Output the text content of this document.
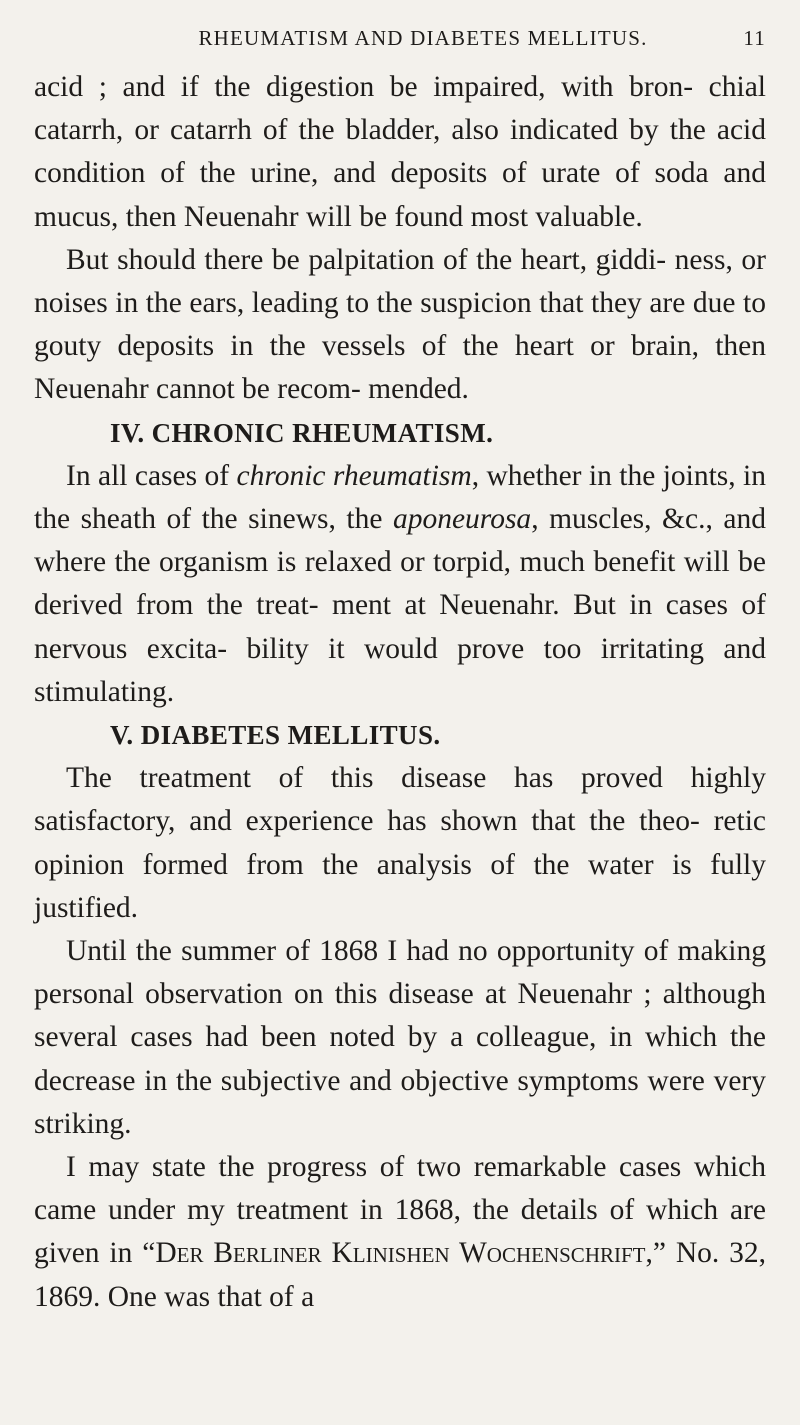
RHEUMATISM AND DIABETES MELLITUS.	11

acid ; and if the digestion be impaired, with bron- chial catarrh, or catarrh of the bladder, also indicated by the acid condition of the urine, and deposits of urate of soda and mucus, then Neuenahr will be found most valuable.

But should there be palpitation of the heart, giddi- ness, or noises in the ears, leading to the suspicion that they are due to gouty deposits in the vessels of the heart or brain, then Neuenahr cannot be recom- mended.

IV. CHRONIC RHEUMATISM.

In all cases of chronic rheumatism, whether in the joints, in the sheath of the sinews, the aponeurosa, muscles, &c., and where the organism is relaxed or torpid, much benefit will be derived from the treat- ment at Neuenahr. But in cases of nervous excita- bility it would prove too irritating and stimulating.

V. DIABETES MELLITUS.

The treatment of this disease has proved highly satisfactory, and experience has shown that the theo- retic opinion formed from the analysis of the water is fully justified.

Until the summer of 1868 I had no opportunity of making personal observation on this disease at Neuenahr ; although several cases had been noted by a colleague, in which the decrease in the subjective and objective symptoms were very striking.

I may state the progress of two remarkable cases which came under my treatment in 1868, the details of which are given in “Der Berliner Klinishen Wochenschrift,” No. 32, 1869. One was that of a
